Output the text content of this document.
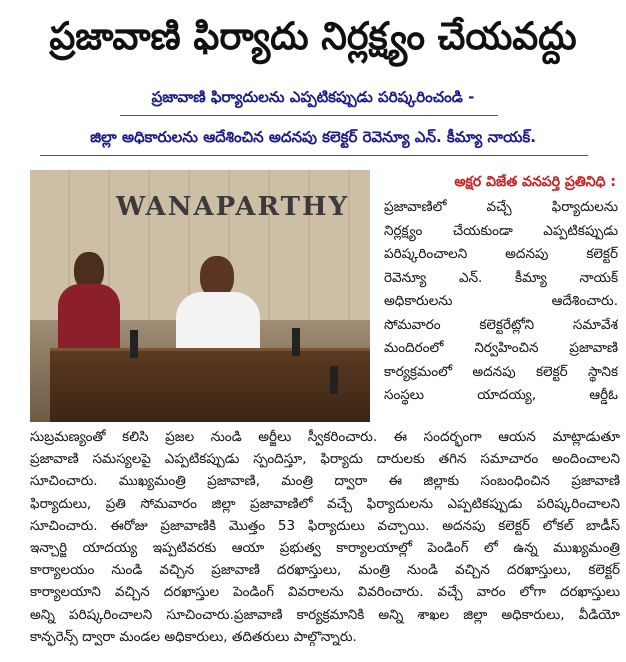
ప్రజావాణి ఫిర్యాదు నిర్లక్ష్యం చేయవద్దు
ప్రజావాణి ఫిర్యాదులను ఎప్పటికప్పుడు పరిష్కరించండి -
జిల్లా అధికారులను ఆదేశించిన అదనపు కలెక్టర్ రెవెన్యూ ఎన్. కీమ్యా నాయక్.
WANAPARTHY
అక్షర విజేత వనపర్తి ప్రతినిధి :
ప్రజావాణిలో వచ్చే ఫిర్యాదులను
నిర్లక్ష్యం చేయకుండా ఎప్పటికప్పుడు
పరిష్కరించాలని అదనపు కలెక్టర్
రెవెన్యూ ఎన్. కీమ్యా నాయక్
అధికారులను ఆదేశించారు.
సోమవారం కలెక్టరేట్లోని సమావేశ
మందిరంలో నిర్వహించిన ప్రజావాణి
కార్యక్రమంలో అదనపు కలెక్టర్ స్థానిక
సంస్థలు యాదయ్య, ఆర్డీఓ
సుబ్రమణ్యంతో కలిసి ప్రజల నుండి అర్జీలు స్వీకరించారు. ఈ సందర్భంగా ఆయన మాట్లాడుతూ
ప్రజావాణి సమస్యలపై ఎప్పటికప్పుడు స్పందిస్తూ, ఫిర్యాదు దారులకు తగిన సమాచారం అందించాలని
సూచించారు. ముఖ్యమంత్రి ప్రజావాణి, మంత్రి ద్వారా ఈ జిల్లాకు సంబంధించిన ప్రజావాణి
ఫిర్యాదులు, ప్రతి సోమవారం జిల్లా ప్రజావాణిలో వచ్చే ఫిర్యాదులను ఎప్పటికప్పుడు పరిష్కరించాలని
సూచించారు. ఈరోజు ప్రజావాణికి మొత్తం 53 ఫిర్యాదులు వచ్చాయి. అదనపు కలెక్టర్ లోకల్ బాడీస్
ఇన్చార్జి యాదయ్య ఇప్పటివరకు ఆయా ప్రభుత్వ కార్యాలయాల్లో పెండింగ్ లో ఉన్న ముఖ్యమంత్రి
కార్యాలయం నుండి వచ్చిన ప్రజావాణి దరఖాస్తులు, మంత్రి నుండి వచ్చిన దరఖాస్తులు, కలెక్టర్
కార్యాలయాని వచ్చిన దరఖాస్తుల పెండింగ్ వివరాలను వివరించారు. వచ్చే వారం లోగా దరఖాస్తులు
అన్ని పరిష్కరించాలని సూచించారు.ప్రజావాణి కార్యక్రమానికి అన్ని శాఖల జిల్లా అధికారులు, వీడియో
కాన్ఫరెన్స్ ద్వారా మండల అధికారులు, తదితరులు పాల్గొన్నారు.
